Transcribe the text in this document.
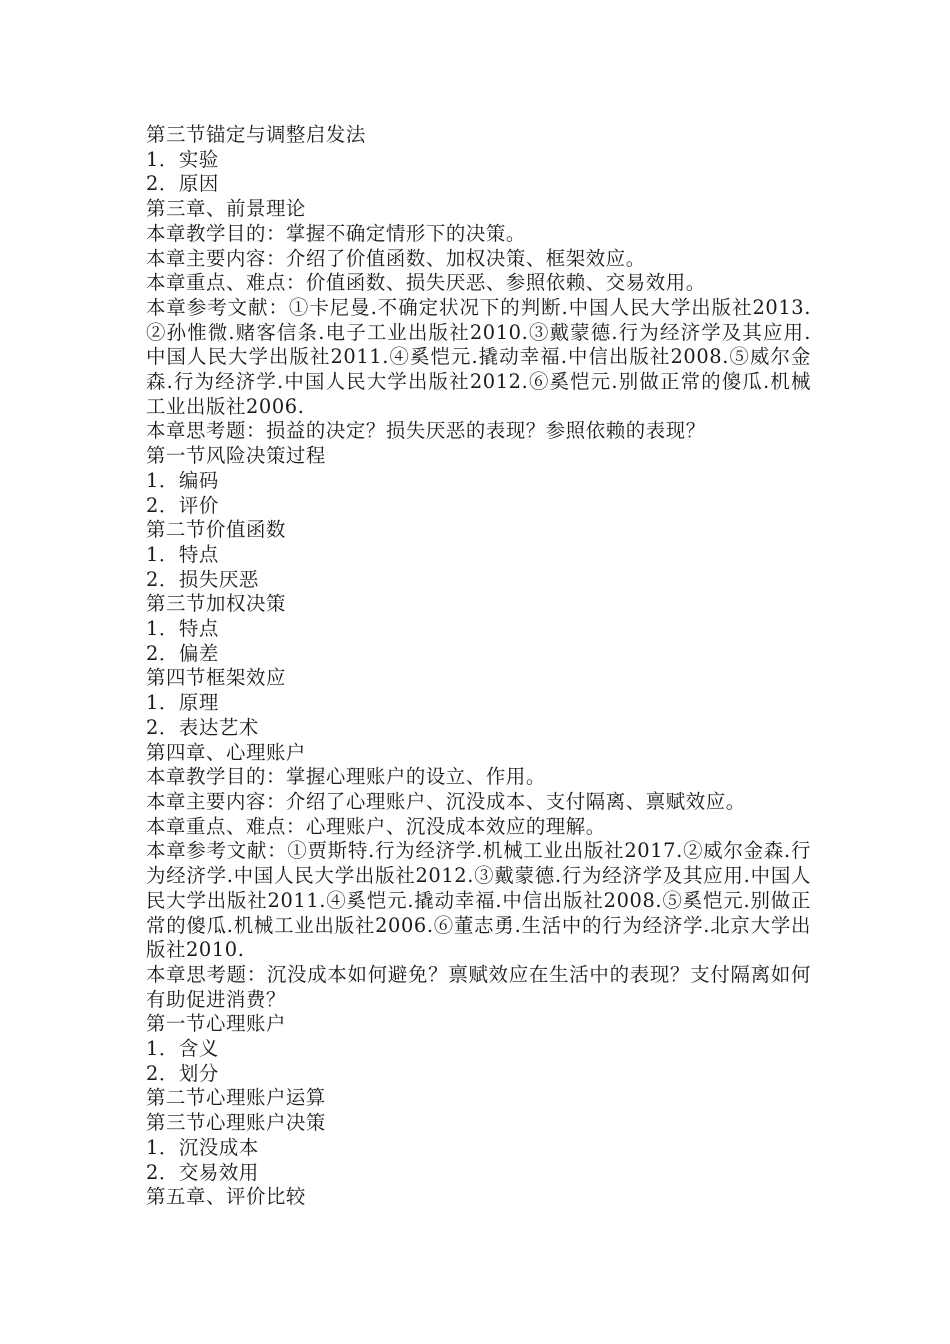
第三节锚定与调整启发法
1．实验
2．原因
第三章、前景理论
本章教学目的：掌握不确定情形下的决策。
本章主要内容：介绍了价值函数、加权决策、框架效应。
本章重点、难点：价值函数、损失厌恶、参照依赖、交易效用。
本章参考文献：①卡尼曼.不确定状况下的判断.中国人民大学出版社2013.②孙惟微.赌客信条.电子工业出版社2010.③戴蒙德.行为经济学及其应用.中国人民大学出版社2011.④奚恺元.撬动幸福.中信出版社2008.⑤威尔金森.行为经济学.中国人民大学出版社2012.⑥奚恺元.别做正常的傻瓜.机械工业出版社2006.
本章思考题：损益的决定？损失厌恶的表现？参照依赖的表现？
第一节风险决策过程
1．编码
2．评价
第二节价值函数
1．特点
2．损失厌恶
第三节加权决策
1．特点
2．偏差
第四节框架效应
1．原理
2．表达艺术
第四章、心理账户
本章教学目的：掌握心理账户的设立、作用。
本章主要内容：介绍了心理账户、沉没成本、支付隔离、禀赋效应。
本章重点、难点：心理账户、沉没成本效应的理解。
本章参考文献：①贾斯特.行为经济学.机械工业出版社2017.②威尔金森.行为经济学.中国人民大学出版社2012.③戴蒙德.行为经济学及其应用.中国人民大学出版社2011.④奚恺元.撬动幸福.中信出版社2008.⑤奚恺元.别做正常的傻瓜.机械工业出版社2006.⑥董志勇.生活中的行为经济学.北京大学出版社2010.
本章思考题：沉没成本如何避免？禀赋效应在生活中的表现？支付隔离如何有助促进消费？
第一节心理账户
1．含义
2．划分
第二节心理账户运算
第三节心理账户决策
1．沉没成本
2．交易效用
第五章、评价比较
